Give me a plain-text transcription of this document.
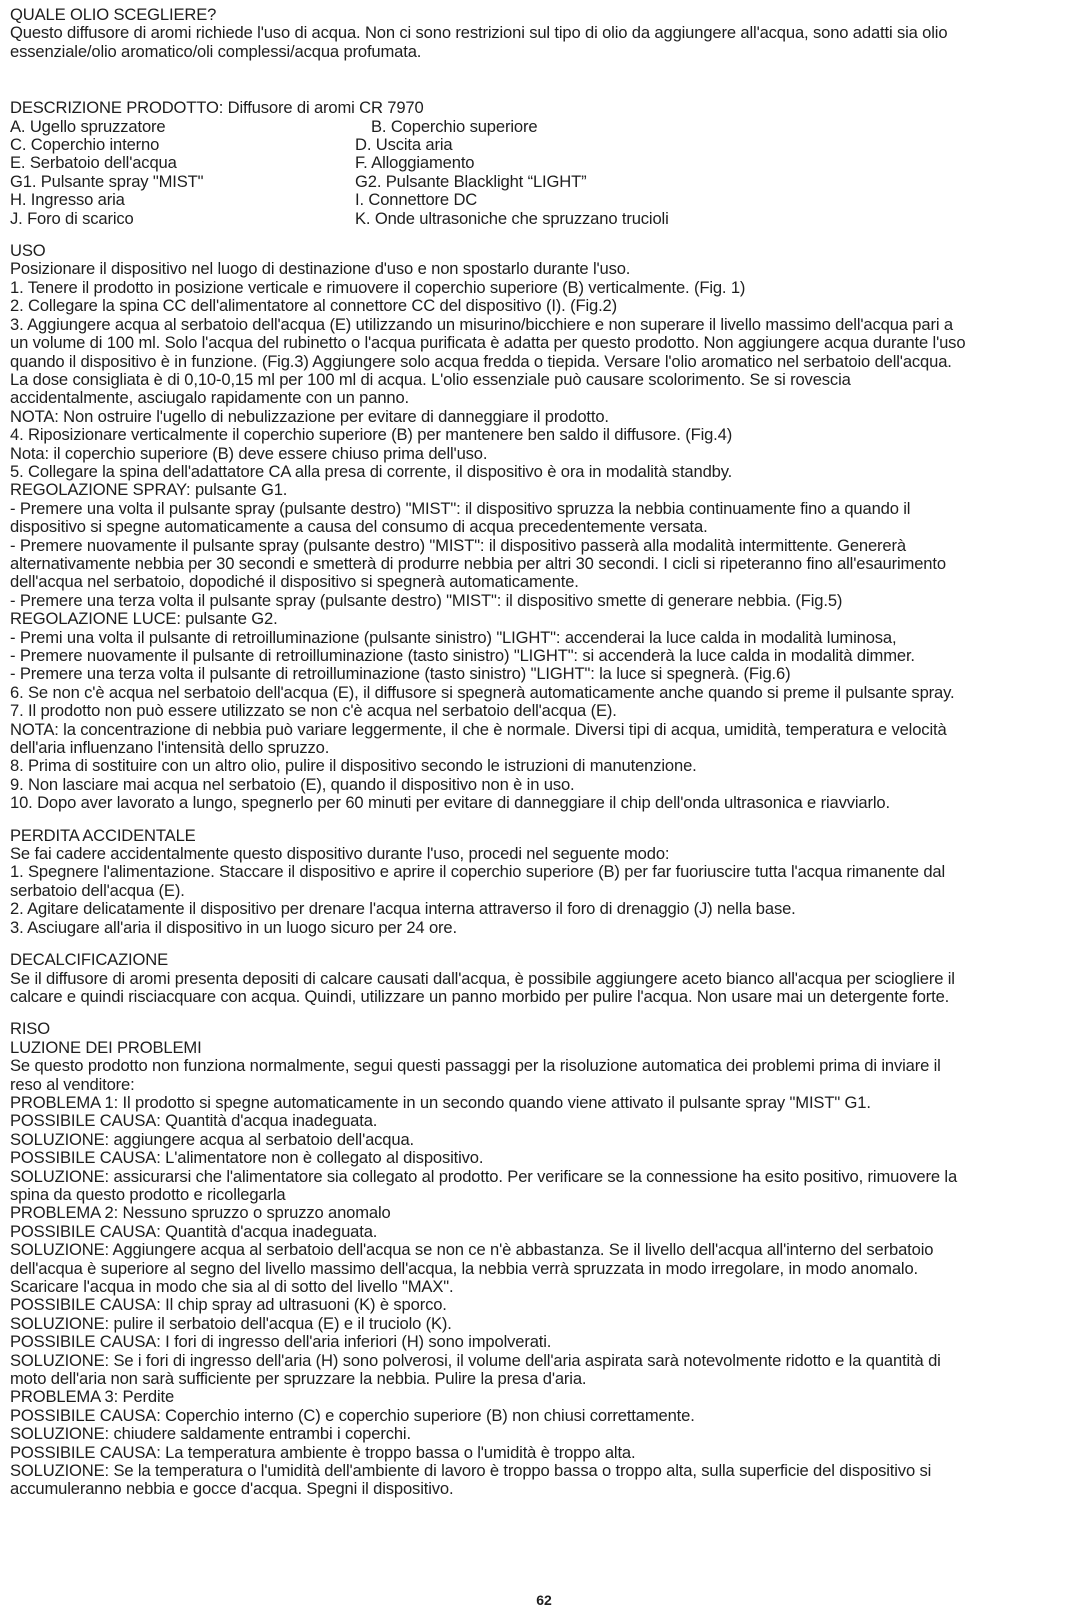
QUALE OLIO SCEGLIERE?

Questo diffusore di aromi richiede l'uso di acqua. Non ci sono restrizioni sul tipo di olio da aggiungere all'acqua, sono adatti sia olio

essenziale/olio aromatico/oli complessi/acqua profumata.

DESCRIZIONE PRODOTTO: Diffusore di aromi CR 7970

A. Ugello spruzzatore	B. Coperchio superiore
C. Coperchio interno	D. Uscita aria
E. Serbatoio dell'acqua	F. Alloggiamento
G1. Pulsante spray "MIST"	G2. Pulsante Blacklight “LIGHT”
H. Ingresso aria	I. Connettore DC
J. Foro di scarico	K. Onde ultrasoniche che spruzzano trucioli

USO

Posizionare il dispositivo nel luogo di destinazione d'uso e non spostarlo durante l'uso.

1. Tenere il prodotto in posizione verticale e rimuovere il coperchio superiore (B) verticalmente. (Fig. 1)

2. Collegare la spina CC dell'alimentatore al connettore CC del dispositivo (I). (Fig.2)

3. Aggiungere acqua al serbatoio dell'acqua (E) utilizzando un misurino/bicchiere e non superare il livello massimo dell'acqua pari a

un volume di 100 ml. Solo l'acqua del rubinetto o l'acqua purificata è adatta per questo prodotto. Non aggiungere acqua durante l'uso

quando il dispositivo è in funzione. (Fig.3) Aggiungere solo acqua fredda o tiepida. Versare l'olio aromatico nel serbatoio dell'acqua.

La dose consigliata è di 0,10-0,15 ml per 100 ml di acqua. L'olio essenziale può causare scolorimento. Se si rovescia

accidentalmente, asciugalo rapidamente con un panno.

NOTA: Non ostruire l'ugello di nebulizzazione per evitare di danneggiare il prodotto.

4. Riposizionare verticalmente il coperchio superiore (B) per mantenere ben saldo il diffusore. (Fig.4)

Nota: il coperchio superiore (B) deve essere chiuso prima dell'uso.

5. Collegare la spina dell'adattatore CA alla presa di corrente, il dispositivo è ora in modalità standby.

REGOLAZIONE SPRAY: pulsante G1.

- Premere una volta il pulsante spray (pulsante destro) "MIST": il dispositivo spruzza la nebbia continuamente fino a quando il

dispositivo si spegne automaticamente a causa del consumo di acqua precedentemente versata.

- Premere nuovamente il pulsante spray (pulsante destro) "MIST": il dispositivo passerà alla modalità intermittente. Genererà

alternativamente nebbia per 30 secondi e smetterà di produrre nebbia per altri 30 secondi. I cicli si ripeteranno fino all'esaurimento

dell'acqua nel serbatoio, dopodiché il dispositivo si spegnerà automaticamente.

- Premere una terza volta il pulsante spray (pulsante destro) "MIST": il dispositivo smette di generare nebbia. (Fig.5)

REGOLAZIONE LUCE: pulsante G2.

- Premi una volta il pulsante di retroilluminazione (pulsante sinistro) "LIGHT": accenderai la luce calda in modalità luminosa,

- Premere nuovamente il pulsante di retroilluminazione (tasto sinistro) "LIGHT": si accenderà la luce calda in modalità dimmer.

- Premere una terza volta il pulsante di retroilluminazione (tasto sinistro) "LIGHT": la luce si spegnerà. (Fig.6)

6. Se non c'è acqua nel serbatoio dell'acqua (E), il diffusore si spegnerà automaticamente anche quando si preme il pulsante spray.

7. Il prodotto non può essere utilizzato se non c'è acqua nel serbatoio dell'acqua (E).

NOTA: la concentrazione di nebbia può variare leggermente, il che è normale. Diversi tipi di acqua, umidità, temperatura e velocità

dell'aria influenzano l'intensità dello spruzzo.

8. Prima di sostituire con un altro olio, pulire il dispositivo secondo le istruzioni di manutenzione.

9. Non lasciare mai acqua nel serbatoio (E), quando il dispositivo non è in uso.

10. Dopo aver lavorato a lungo, spegnerlo per 60 minuti per evitare di danneggiare il chip dell'onda ultrasonica e riavviarlo.

PERDITA ACCIDENTALE

Se fai cadere accidentalmente questo dispositivo durante l'uso, procedi nel seguente modo:

1. Spegnere l'alimentazione. Staccare il dispositivo e aprire il coperchio superiore (B) per far fuoriuscire tutta l'acqua rimanente dal

serbatoio dell'acqua (E).

2. Agitare delicatamente il dispositivo per drenare l'acqua interna attraverso il foro di drenaggio (J) nella base.

3. Asciugare all'aria il dispositivo in un luogo sicuro per 24 ore.

DECALCIFICAZIONE

Se il diffusore di aromi presenta depositi di calcare causati dall'acqua, è possibile aggiungere aceto bianco all'acqua per sciogliere il

calcare e quindi risciacquare con acqua. Quindi, utilizzare un panno morbido per pulire l'acqua. Non usare mai un detergente forte.

RISO

LUZIONE DEI PROBLEMI

Se questo prodotto non funziona normalmente, segui questi passaggi per la risoluzione automatica dei problemi prima di inviare il

reso al venditore:

PROBLEMA 1: Il prodotto si spegne automaticamente in un secondo quando viene attivato il pulsante spray "MIST" G1.

POSSIBILE CAUSA: Quantità d'acqua inadeguata.

SOLUZIONE: aggiungere acqua al serbatoio dell'acqua.

POSSIBILE CAUSA: L'alimentatore non è collegato al dispositivo.

SOLUZIONE: assicurarsi che l'alimentatore sia collegato al prodotto. Per verificare se la connessione ha esito positivo, rimuovere la

spina da questo prodotto e ricollegarla

PROBLEMA 2: Nessuno spruzzo o spruzzo anomalo

POSSIBILE CAUSA: Quantità d'acqua inadeguata.

SOLUZIONE: Aggiungere acqua al serbatoio dell'acqua se non ce n'è abbastanza. Se il livello dell'acqua all'interno del serbatoio

dell'acqua è superiore al segno del livello massimo dell'acqua, la nebbia verrà spruzzata in modo irregolare, in modo anomalo.

Scaricare l'acqua in modo che sia al di sotto del livello "MAX".

POSSIBILE CAUSA: Il chip spray ad ultrasuoni (K) è sporco.

SOLUZIONE: pulire il serbatoio dell'acqua (E) e il truciolo (K).

POSSIBILE CAUSA: I fori di ingresso dell'aria inferiori (H) sono impolverati.

SOLUZIONE: Se i fori di ingresso dell'aria (H) sono polverosi, il volume dell'aria aspirata sarà notevolmente ridotto e la quantità di

moto dell'aria non sarà sufficiente per spruzzare la nebbia. Pulire la presa d'aria.

PROBLEMA 3: Perdite

POSSIBILE CAUSA: Coperchio interno (C) e coperchio superiore (B) non chiusi correttamente.

SOLUZIONE: chiudere saldamente entrambi i coperchi.

POSSIBILE CAUSA: La temperatura ambiente è troppo bassa o l'umidità è troppo alta.

SOLUZIONE: Se la temperatura o l'umidità dell'ambiente di lavoro è troppo bassa o troppo alta, sulla superficie del dispositivo si

accumuleranno nebbia e gocce d'acqua. Spegni il dispositivo.

62
